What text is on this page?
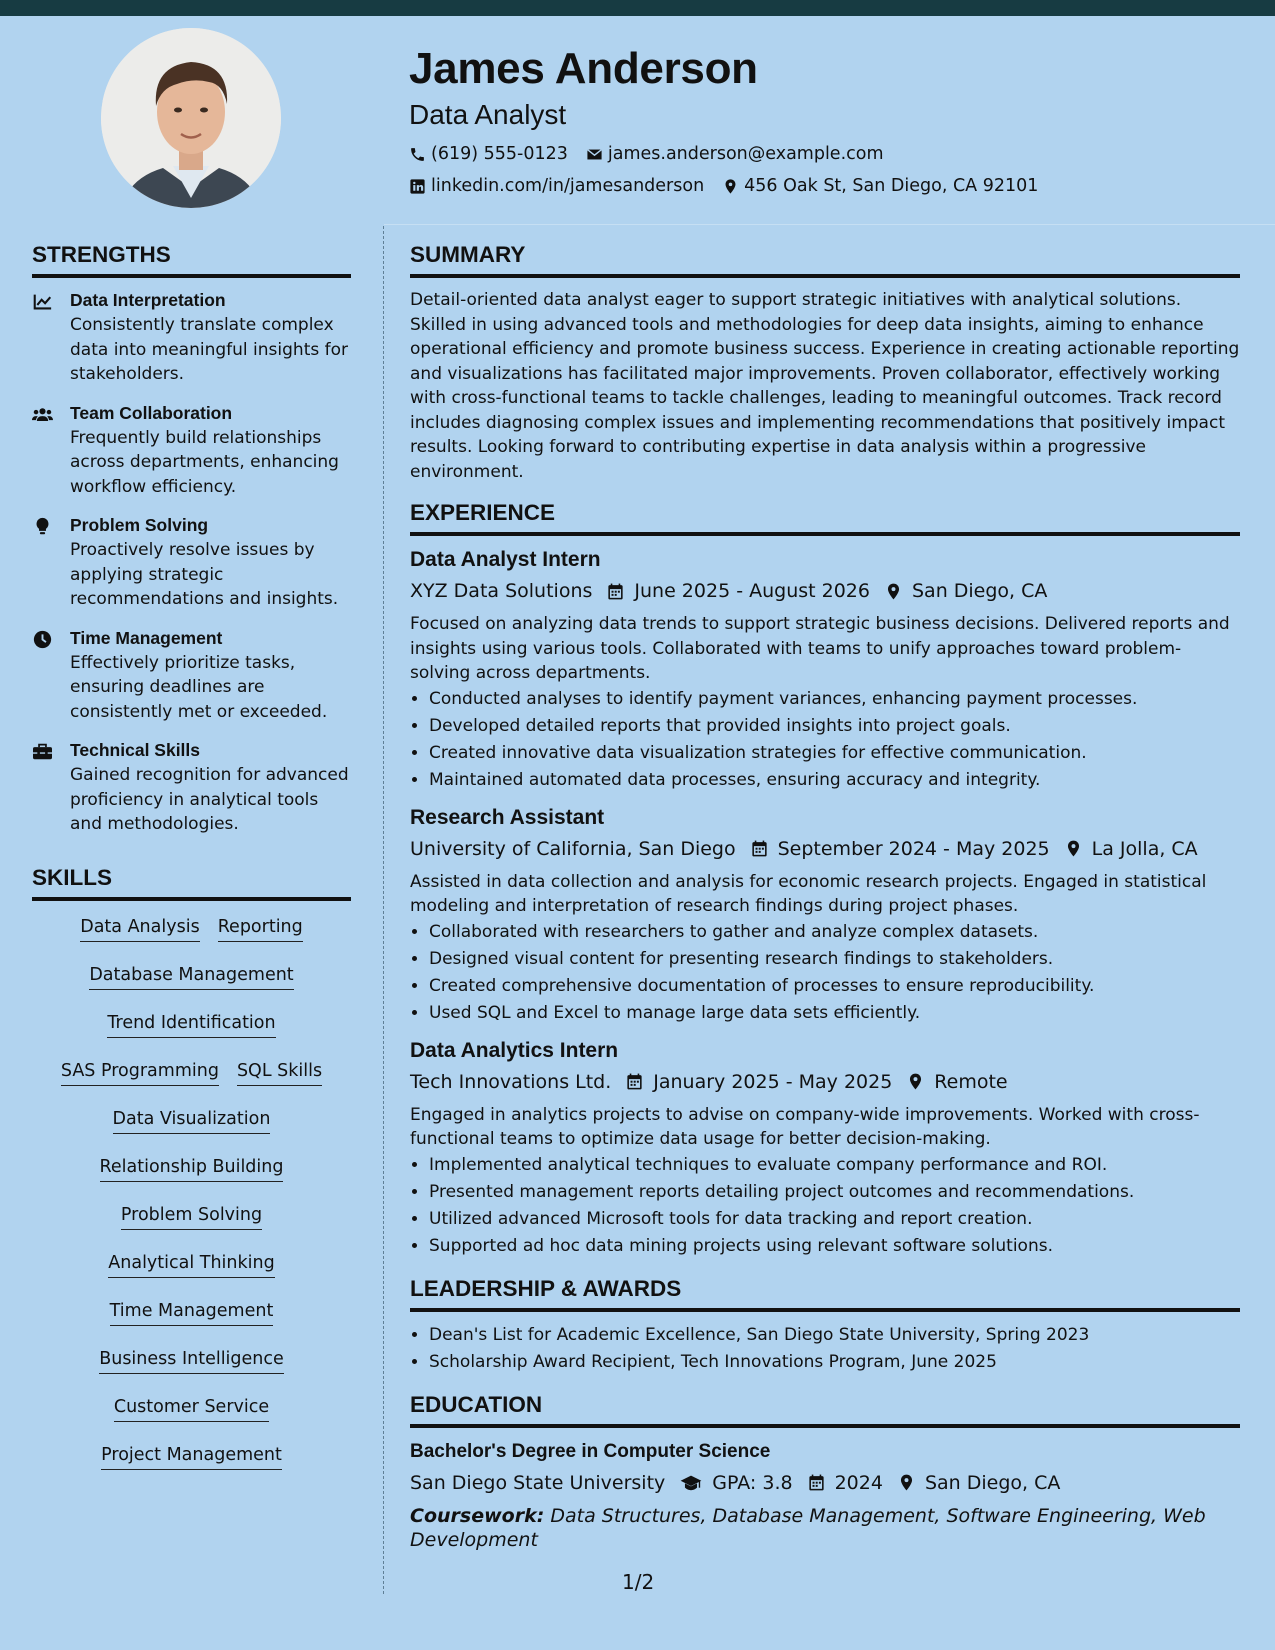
James Anderson
Data Analyst
(619) 555-0123 james.anderson@example.com
linkedin.com/in/jamesanderson 456 Oak St, San Diego, CA 92101
STRENGTHS
Data Interpretation
Consistently translate complex data into meaningful insights for stakeholders.
Team Collaboration
Frequently build relationships across departments, enhancing workflow efficiency.
Problem Solving
Proactively resolve issues by applying strategic recommendations and insights.
Time Management
Effectively prioritize tasks, ensuring deadlines are consistently met or exceeded.
Technical Skills
Gained recognition for advanced proficiency in analytical tools and methodologies.
SKILLS
Data Analysis Reporting
Database Management
Trend Identification
SAS Programming SQL Skills
Data Visualization
Relationship Building
Problem Solving
Analytical Thinking
Time Management
Business Intelligence
Customer Service
Project Management
SUMMARY

Detail-oriented data analyst eager to support strategic initiatives with analytical solutions. Skilled in using advanced tools and methodologies for deep data insights, aiming to enhance operational efficiency and promote business success. Experience in creating actionable reporting and visualizations has facilitated major improvements. Proven collaborator, effectively working with cross-functional teams to tackle challenges, leading to meaningful outcomes. Track record includes diagnosing complex issues and implementing recommendations that positively impact results. Looking forward to contributing expertise in data analysis within a progressive environment.

EXPERIENCE
Data Analyst Intern
XYZ Data Solutions June 2025 - August 2026 San Diego, CA

Focused on analyzing data trends to support strategic business decisions. Delivered reports and insights using various tools. Collaborated with teams to unify approaches toward problem-solving across departments.

• Conducted analyses to identify payment variances, enhancing payment processes.
• Developed detailed reports that provided insights into project goals.
• Created innovative data visualization strategies for effective communication.
• Maintained automated data processes, ensuring accuracy and integrity.
Research Assistant
University of California, San Diego September 2024 - May 2025 La Jolla, CA

Assisted in data collection and analysis for economic research projects. Engaged in statistical modeling and interpretation of research findings during project phases.

• Collaborated with researchers to gather and analyze complex datasets.
• Designed visual content for presenting research findings to stakeholders.
• Created comprehensive documentation of processes to ensure reproducibility.
• Used SQL and Excel to manage large data sets efficiently.
Data Analytics Intern
Tech Innovations Ltd. January 2025 - May 2025 Remote

Engaged in analytics projects to advise on company-wide improvements. Worked with cross-functional teams to optimize data usage for better decision-making.

• Implemented analytical techniques to evaluate company performance and ROI.
• Presented management reports detailing project outcomes and recommendations.
• Utilized advanced Microsoft tools for data tracking and report creation.
• Supported ad hoc data mining projects using relevant software solutions.
LEADERSHIP & AWARDS
• Dean's List for Academic Excellence, San Diego State University, Spring 2023
• Scholarship Award Recipient, Tech Innovations Program, June 2025
EDUCATION
Bachelor's Degree in Computer Science
San Diego State University GPA: 3.8 2024 San Diego, CA
Coursework: Data Structures, Database Management, Software Engineering, Web Development
1/2
